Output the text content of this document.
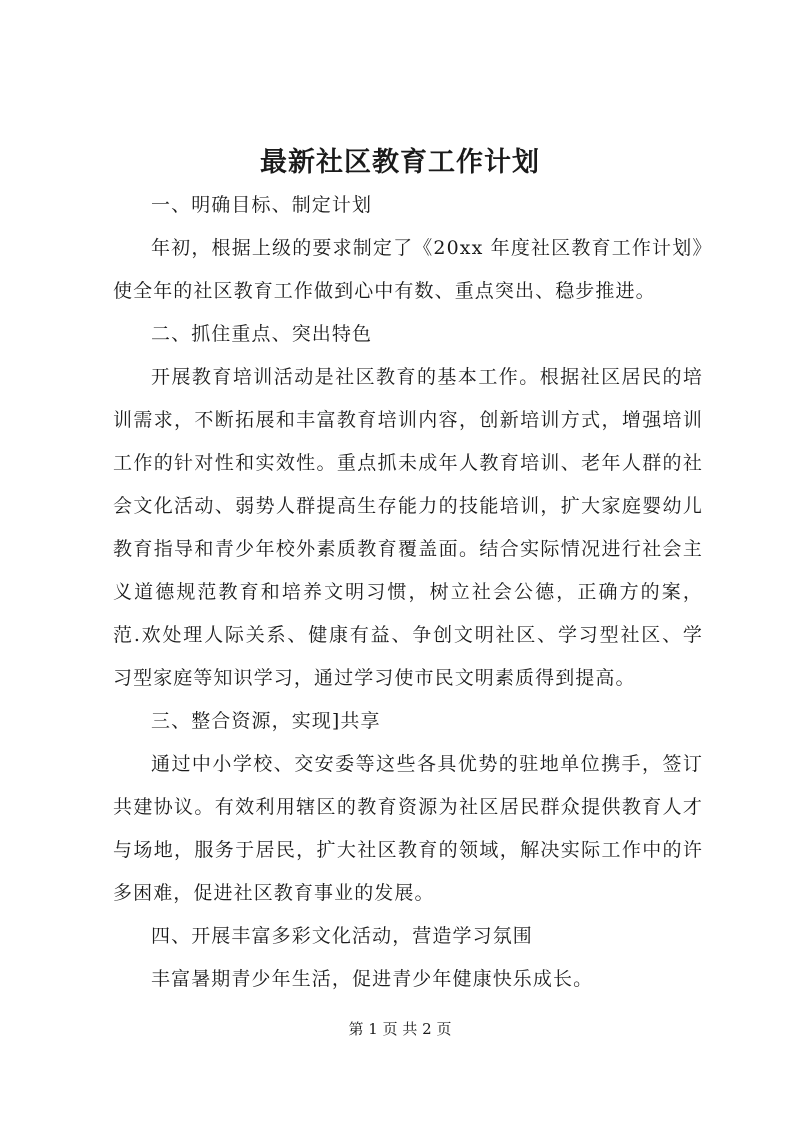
最新社区教育工作计划

一、明确目标、制定计划

年初，根据上级的要求制定了《20xx 年度社区教育工作计划》使全年的社区教育工作做到心中有数、重点突出、稳步推进。

二、抓住重点、突出特色

开展教育培训活动是社区教育的基本工作。根据社区居民的培训需求，不断拓展和丰富教育培训内容，创新培训方式，增强培训工作的针对性和实效性。重点抓未成年人教育培训、老年人群的社会文化活动、弱势人群提高生存能力的技能培训，扩大家庭婴幼儿教育指导和青少年校外素质教育覆盖面。结合实际情况进行社会主义道德规范教育和培养文明习惯，树立社会公德，正确方的案，范.欢处理人际关系、健康有益、争创文明社区、学习型社区、学习型家庭等知识学习，通过学习使市民文明素质得到提高。

三、整合资源，实现]共享

通过中小学校、交安委等这些各具优势的驻地单位携手，签订共建协议。有效利用辖区的教育资源为社区居民群众提供教育人才与场地，服务于居民，扩大社区教育的领域，解决实际工作中的许多困难，促进社区教育事业的发展。

四、开展丰富多彩文化活动，营造学习氛围

丰富暑期青少年生活，促进青少年健康快乐成长。

第 1 页 共 2 页
